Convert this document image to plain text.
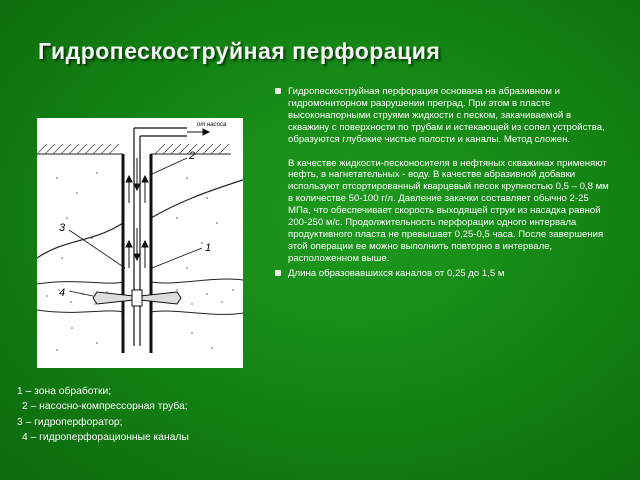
Гидропескоструйная перфорация
2
1
3
4
от насоса

Гидропескоструйная перфорация основана на абразивном и гидромониторном разрушении преград. При этом в пласте высоконапорными струями жидкости с песком, закачиваемой в скважину с поверхности по трубам и истекающей из сопел устройства, образуются глубокие чистые полости и каналы. Метод сложен.

В качестве жидкости-песконосителя в нефтяных скважинах применяют нефть, в нагнетательных - воду. В качестве абразивной добавки используют отсортированный кварцевый песок крупностью 0,5 – 0,8 мм в количестве 50-100 г/л. Давление закачки составляет обычно 2-25 МПа, что обеспечивает скорость выходящей струи из насадка равной 200-250 м/с. Продолжительность перфорации одного интервала продуктивного пласта не превышает 0,25-0,5 часа. После завершения этой операции ее можно выполнить повторно в интервале, расположенном выше.

Длина образовавшихся каналов от 0,25 до 1,5 м

1 – зона обработки;
2 – насосно-компрессорная труба;
3 – гидроперфоратор;
4 – гидроперфорационные каналы
